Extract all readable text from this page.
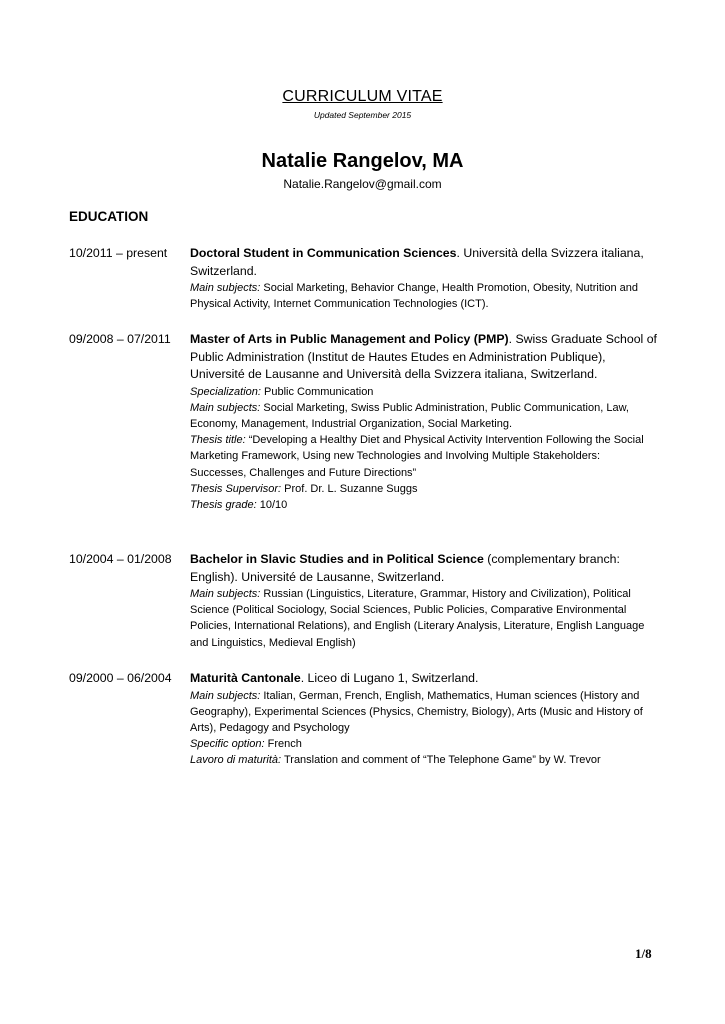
CURRICULUM VITAE
Updated September 2015
Natalie Rangelov, MA
Natalie.Rangelov@gmail.com
EDUCATION
10/2011 – present Doctoral Student in Communication Sciences. Università della Svizzera italiana, Switzerland.
Main subjects: Social Marketing, Behavior Change, Health Promotion, Obesity, Nutrition and Physical Activity, Internet Communication Technologies (ICT).
09/2008 – 07/2011 Master of Arts in Public Management and Policy (PMP). Swiss Graduate School of Public Administration (Institut de Hautes Etudes en Administration Publique), Université de Lausanne and Università della Svizzera italiana, Switzerland.
Specialization: Public Communication
Main subjects: Social Marketing, Swiss Public Administration, Public Communication, Law, Economy, Management, Industrial Organization, Social Marketing.
Thesis title: “Developing a Healthy Diet and Physical Activity Intervention Following the Social Marketing Framework, Using new Technologies and Involving Multiple Stakeholders: Successes, Challenges and Future Directions”
Thesis Supervisor: Prof. Dr. L. Suzanne Suggs
Thesis grade: 10/10
10/2004 – 01/2008 Bachelor in Slavic Studies and in Political Science (complementary branch: English). Université de Lausanne, Switzerland.
Main subjects: Russian (Linguistics, Literature, Grammar, History and Civilization), Political Science (Political Sociology, Social Sciences, Public Policies, Comparative Environmental Policies, International Relations), and English (Literary Analysis, Literature, English Language and Linguistics, Medieval English)
09/2000 – 06/2004 Maturità Cantonale. Liceo di Lugano 1, Switzerland.
Main subjects: Italian, German, French, English, Mathematics, Human sciences (History and Geography), Experimental Sciences (Physics, Chemistry, Biology), Arts (Music and History of Arts), Pedagogy and Psychology
Specific option: French
Lavoro di maturità: Translation and comment of “The Telephone Game” by W. Trevor
1/8
